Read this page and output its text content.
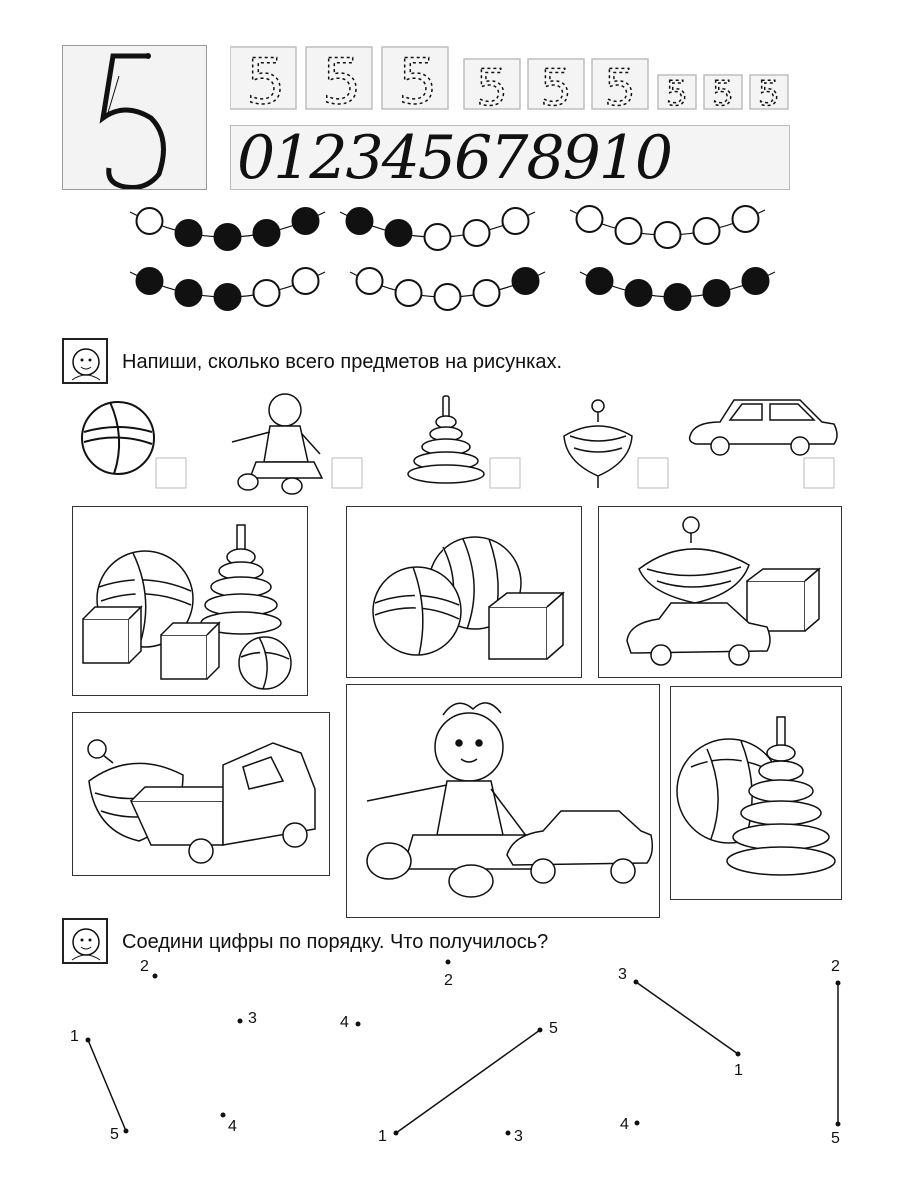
5 5 5 5 5 5 5 5 5
012345678910
Напиши, сколько всего предметов на рисунках.
Соедини цифры по порядку. Что получилось?
1
2
3
4
5	1
2
3
4	5
3
1
4
2
5
